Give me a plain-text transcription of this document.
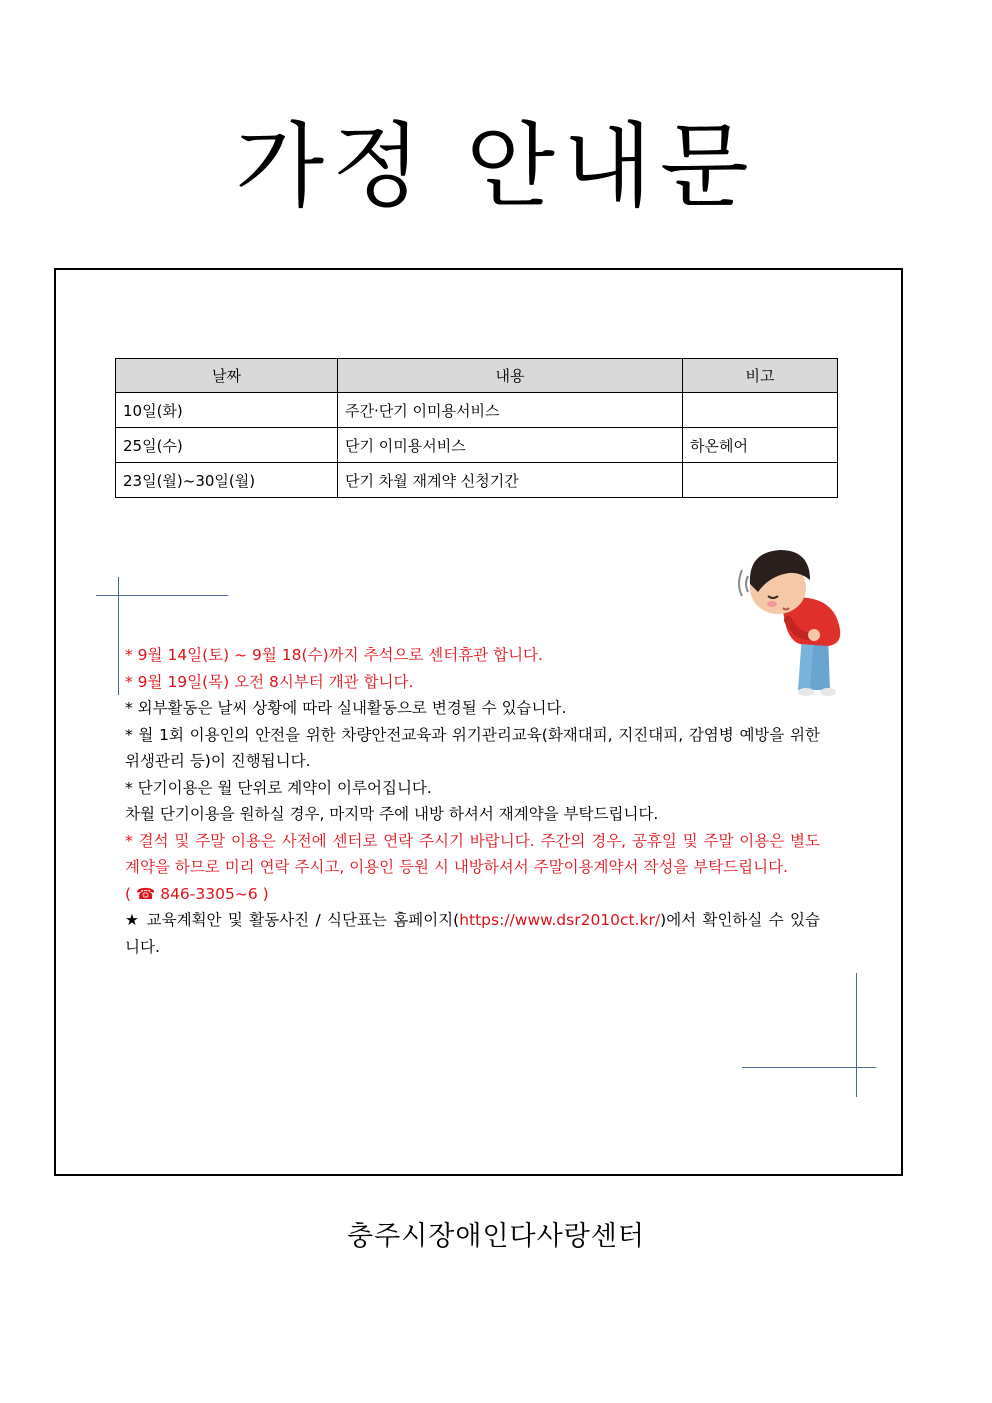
가정 안내문
날짜	내용	비고
10일(화)	주간·단기 이미용서비스	
25일(수)	단기 이미용서비스	하온헤어
23일(월)~30일(월)	단기 차월 재계약 신청기간	

* 9월 14일(토) ~ 9월 18(수)까지 추석으로 센터휴관 합니다.

* 9월 19일(목) 오전 8시부터 개관 합니다.

* 외부활동은 날씨 상황에 따라 실내활동으로 변경될 수 있습니다.

* 월 1회 이용인의 안전을 위한 차량안전교육과 위기관리교육(화재대피, 지진대피, 감염병 예방을 위한 위생관리 등)이 진행됩니다.

* 단기이용은 월 단위로 계약이 이루어집니다.

차월 단기이용을 원하실 경우, 마지막 주에 내방 하셔서 재계약을 부탁드립니다.

* 결석 및 주말 이용은 사전에 센터로 연락 주시기 바랍니다. 주간의 경우, 공휴일 및 주말 이용은 별도 계약을 하므로 미리 연락 주시고, 이용인 등원 시 내방하셔서 주말이용계약서 작성을 부탁드립니다.

( ☎ 846-3305~6 )

★ 교육계획안 및 활동사진 / 식단표는 홈페이지(https://www.dsr2010ct.kr/)에서 확인하실 수 있습니다.

충주시장애인다사랑센터
